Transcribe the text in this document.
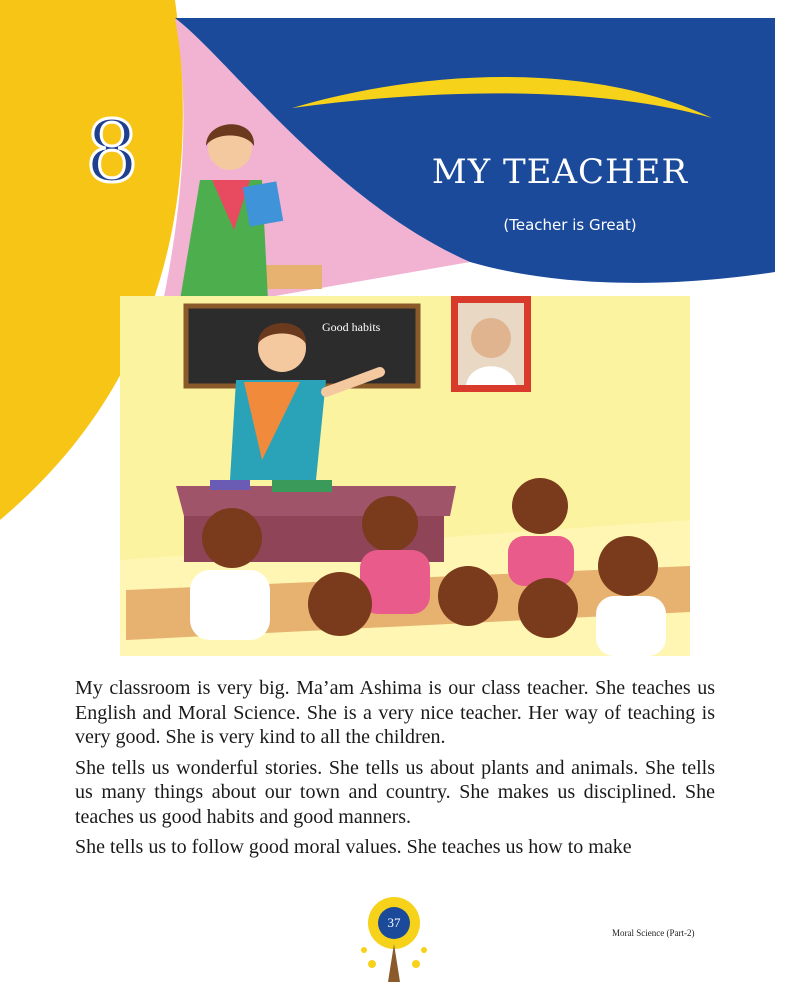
8	MY TEACHER
(Teacher is Great)
Good habits

My classroom is very big. Ma’am Ashima is our class teacher. She teaches us English and Moral Science. She is a very nice teacher. Her way of teaching is very good. She is very kind to all the children.

She tells us wonderful stories. She tells us about plants and animals. She tells us many things about our town and country. She makes us disciplined. She teaches us good habits and good manners.

She tells us to follow good moral values. She teaches us how to make

37
Moral Science (Part-2)
